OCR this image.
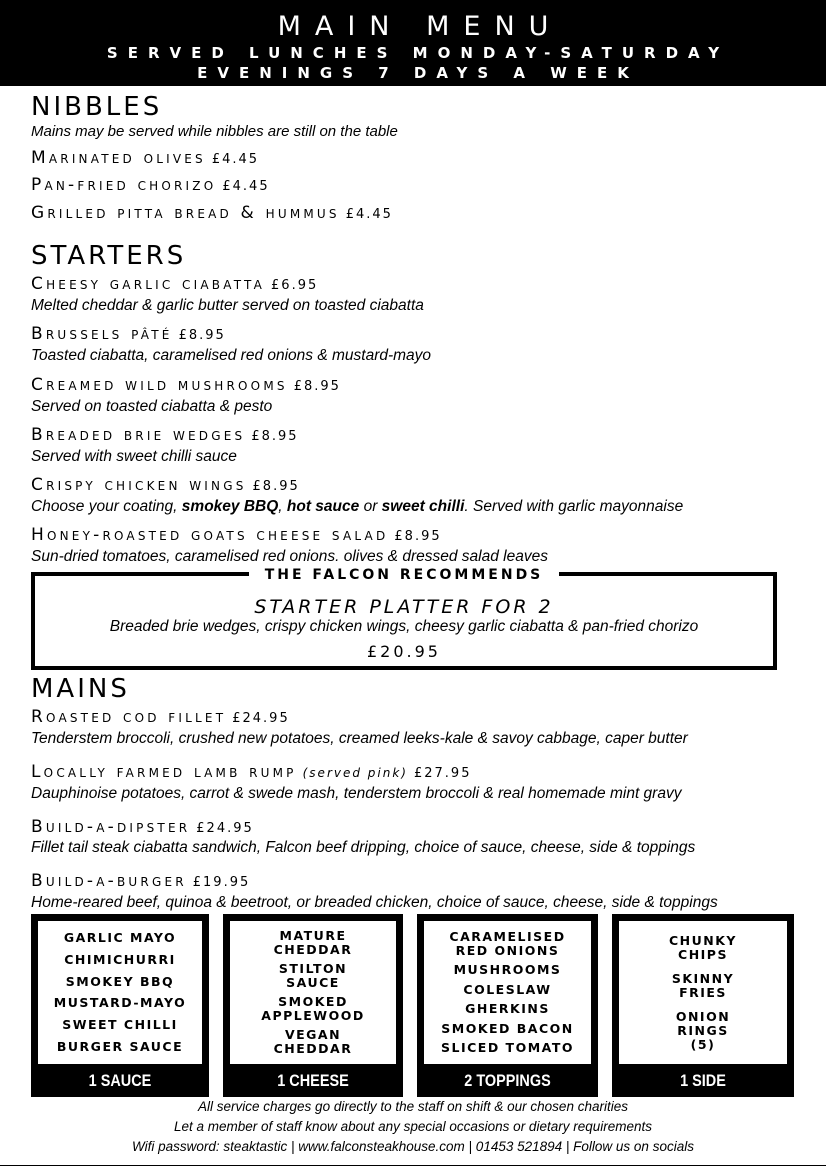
MAIN MENU
SERVED LUNCHES MONDAY-SATURDAY
EVENINGS 7 DAYS A WEEK
NIBBLES
Mains may be served while nibbles are still on the table
Marinated olives £4.45
Pan-fried chorizo £4.45
Grilled pitta bread & hummus £4.45
STARTERS
Cheesy garlic ciabatta £6.95
Melted cheddar & garlic butter served on toasted ciabatta
Brussels pâté £8.95
Toasted ciabatta, caramelised red onions & mustard-mayo
Creamed wild mushrooms £8.95
Served on toasted ciabatta & pesto
Breaded brie wedges £8.95
Served with sweet chilli sauce
Crispy chicken wings £8.95
Choose your coating, smokey BBQ, hot sauce or sweet chilli. Served with garlic mayonnaise
Honey-roasted goats cheese salad £8.95
Sun-dried tomatoes, caramelised red onions. olives & dressed salad leaves
THE FALCON RECOMMENDS
STARTER PLATTER FOR 2
Breaded brie wedges, crispy chicken wings, cheesy garlic ciabatta & pan-fried chorizo
£20.95
MAINS
Roasted cod fillet £24.95
Tenderstem broccoli, crushed new potatoes, creamed leeks-kale & savoy cabbage, caper butter
Locally farmed lamb rump (served pink) £27.95
Dauphinoise potatoes, carrot & swede mash, tenderstem broccoli & real homemade mint gravy
Build-a-dipster £24.95
Fillet tail steak ciabatta sandwich, Falcon beef dripping, choice of sauce, cheese, side & toppings
Build-a-burger £19.95
Home-reared beef, quinoa & beetroot, or breaded chicken, choice of sauce, cheese, side & toppings
GARLIC MAYO
CHIMICHURRI
SMOKEY BBQ
MUSTARD-MAYO
SWEET CHILLI
BURGER SAUCE
1 SAUCE
MATURE
CHEDDAR
STILTON
SAUCE
SMOKED
APPLEWOOD
VEGAN
CHEDDAR
1 CHEESE
CARAMELISED
RED ONIONS
MUSHROOMS
COLESLAW
GHERKINS
SMOKED BACON
SLICED TOMATO
2 TOPPINGS
CHUNKY
CHIPS
SKINNY
FRIES
ONION
RINGS
(5)
1 SIDE
All service charges go directly to the staff on shift & our chosen charities
Let a member of staff know about any special occasions or dietary requirements
Wifi password: steaktastic | www.falconsteakhouse.com | 01453 521894 | Follow us on socials
